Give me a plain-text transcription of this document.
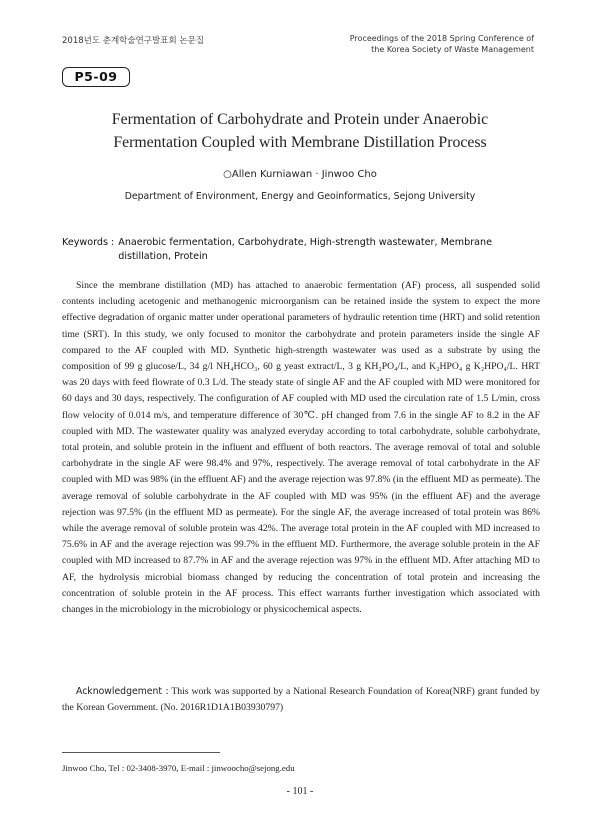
2018년도 춘계학술연구발표회 논문집	Proceedings of the 2018 Spring Conference of
the Korea Society of Waste Management
P5-09
Fermentation of Carbohydrate and Protein under Anaerobic
Fermentation Coupled with Membrane Distillation Process
○Allen Kurniawan · Jinwoo Cho
Department of Environment, Energy and Geoinformatics, Sejong University
Keywords : Anaerobic fermentation, Carbohydrate, High-strength wastewater, Membrane distillation, Protein

Since the membrane distillation (MD) has attached to anaerobic fermentation (AF) process, all suspended solid contents including acetogenic and methanogenic microorganism can be retained inside the system to expect the more effective degradation of organic matter under operational parameters of hydraulic retention time (HRT) and solid retention time (SRT). In this study, we only focused to monitor the carbohydrate and protein parameters inside the single AF compared to the AF coupled with MD. Synthetic high-strength wastewater was used as a substrate by using the composition of 99 g glucose/L, 34 g/l NH₄HCO₃, 60 g yeast extract/L, 3 g KH₂PO₄/L, and K₂HPO₄ g K₂HPO₄/L. HRT was 20 days with feed flowrate of 0.3 L/d. The steady state of single AF and the AF coupled with MD were monitored for 60 days and 30 days, respectively. The configuration of AF coupled with MD used the circulation rate of 1.5 L/min, cross flow velocity of 0.014 m/s, and temperature difference of 30℃. pH changed from 7.6 in the single AF to 8.2 in the AF coupled with MD. The wastewater quality was analyzed everyday according to total carbohydrate, soluble carbohydrate, total protein, and soluble protein in the influent and effluent of both reactors. The average removal of total and soluble carbohydrate in the single AF were 98.4% and 97%, respectively. The average removal of total carbohydrate in the AF coupled with MD was 98% (in the effluent AF) and the average rejection was 97.8% (in the effluent MD as permeate). The average removal of soluble carbohydrate in the AF coupled with MD was 95% (in the effluent AF) and the average rejection was 97.5% (in the effluent MD as permeate). For the single AF, the average increased of total protein was 86% while the average removal of soluble protein was 42%. The average total protein in the AF coupled with MD increased to 75.6% in AF and the average rejection was 99.7% in the effluent MD. Furthermore, the average soluble protein in the AF coupled with MD increased to 87.7% in AF and the average rejection was 97% in the effluent MD. After attaching MD to AF, the hydrolysis microbial biomass changed by reducing the concentration of total protein and increasing the concentration of soluble protein in the AF process. This effect warrants further investigation which associated with changes in the microbiology in the microbiology or physicochemical aspects.

Acknowledgement : This work was supported by a National Research Foundation of Korea(NRF) grant funded by the Korean Government. (No. 2016R1D1A1B03930797)

Jinwoo Cho, Tel : 02-3408-3970, E-mail : jinwoocho@sejong.edu
- 101 -
